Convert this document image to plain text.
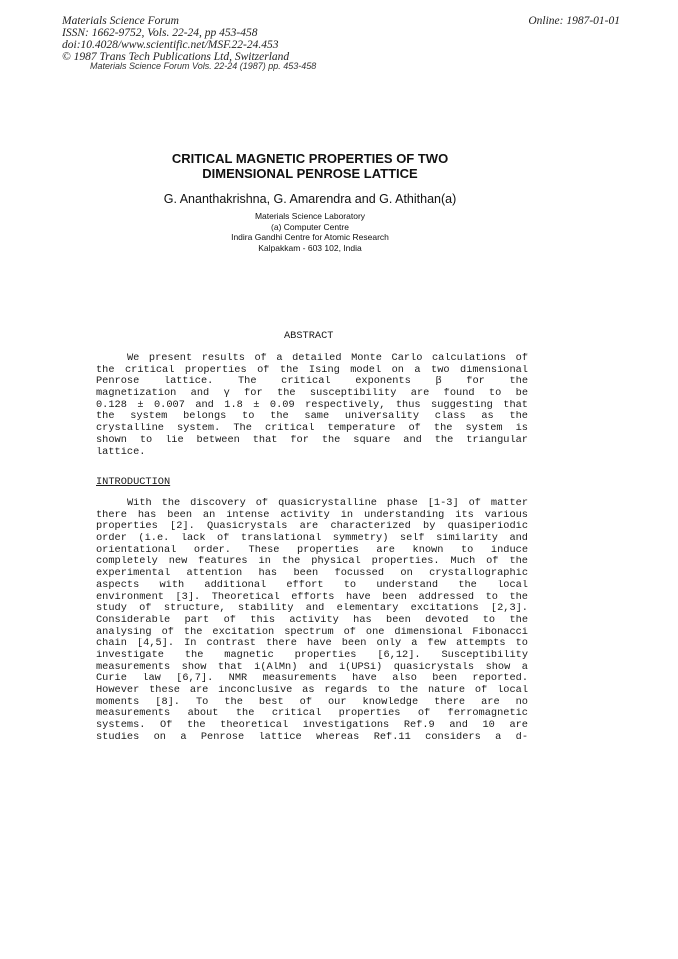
Materials Science Forum
ISSN: 1662-9752, Vols. 22-24, pp 453-458
doi:10.4028/www.scientific.net/MSF.22-24.453
© 1987 Trans Tech Publications Ltd, Switzerland
Online: 1987-01-01
Materials Science Forum Vols. 22-24 (1987) pp. 453-458
CRITICAL MAGNETIC PROPERTIES OF TWO
DIMENSIONAL PENROSE LATTICE
G. Ananthakrishna, G. Amarendra and G. Athithan(a)
Materials Science Laboratory
(a) Computer Centre
Indira Gandhi Centre for Atomic Research
Kalpakkam - 603 102, India
ABSTRACT
We present results of a detailed Monte Carlo calculations of
the critical properties of the Ising model on a two dimensional
Penrose lattice. The critical exponents β for the
magnetization and γ for the susceptibility are found to be
0.128 ± 0.007 and 1.8 ± 0.09 respectively, thus suggesting that
the system belongs to the same universality class as the
crystalline system. The critical temperature of the system is
shown to lie between that for the square and the triangular
lattice.
INTRODUCTION
With the discovery of quasicrystalline phase [1-3] of matter
there has been an intense activity in understanding its various
properties [2]. Quasicrystals are characterized by quasiperiodic
order (i.e. lack of translational symmetry) self similarity and
orientational order. These properties are known to induce
completely new features in the physical properties. Much of the
experimental attention has been focussed on crystallographic
aspects with additional effort to understand the local
environment [3]. Theoretical efforts have been addressed to the
study of structure, stability and elementary excitations [2,3].
Considerable part of this activity has been devoted to the
analysing of the excitation spectrum of one dimensional Fibonacci
chain [4,5]. In contrast there have been only a few attempts to
investigate the magnetic properties [6,12]. Susceptibility
measurements show that i(AlMn) and i(UPSi) quasicrystals show a
Curie law [6,7]. NMR measurements have also been reported.
However these are inconclusive as regards to the nature of local
moments [8]. To the best of our knowledge there are no
measurements about the critical properties of ferromagnetic
systems. Of the theoretical investigations Ref.9 and 10 are
studies on a Penrose lattice whereas Ref.11 considers a d-
